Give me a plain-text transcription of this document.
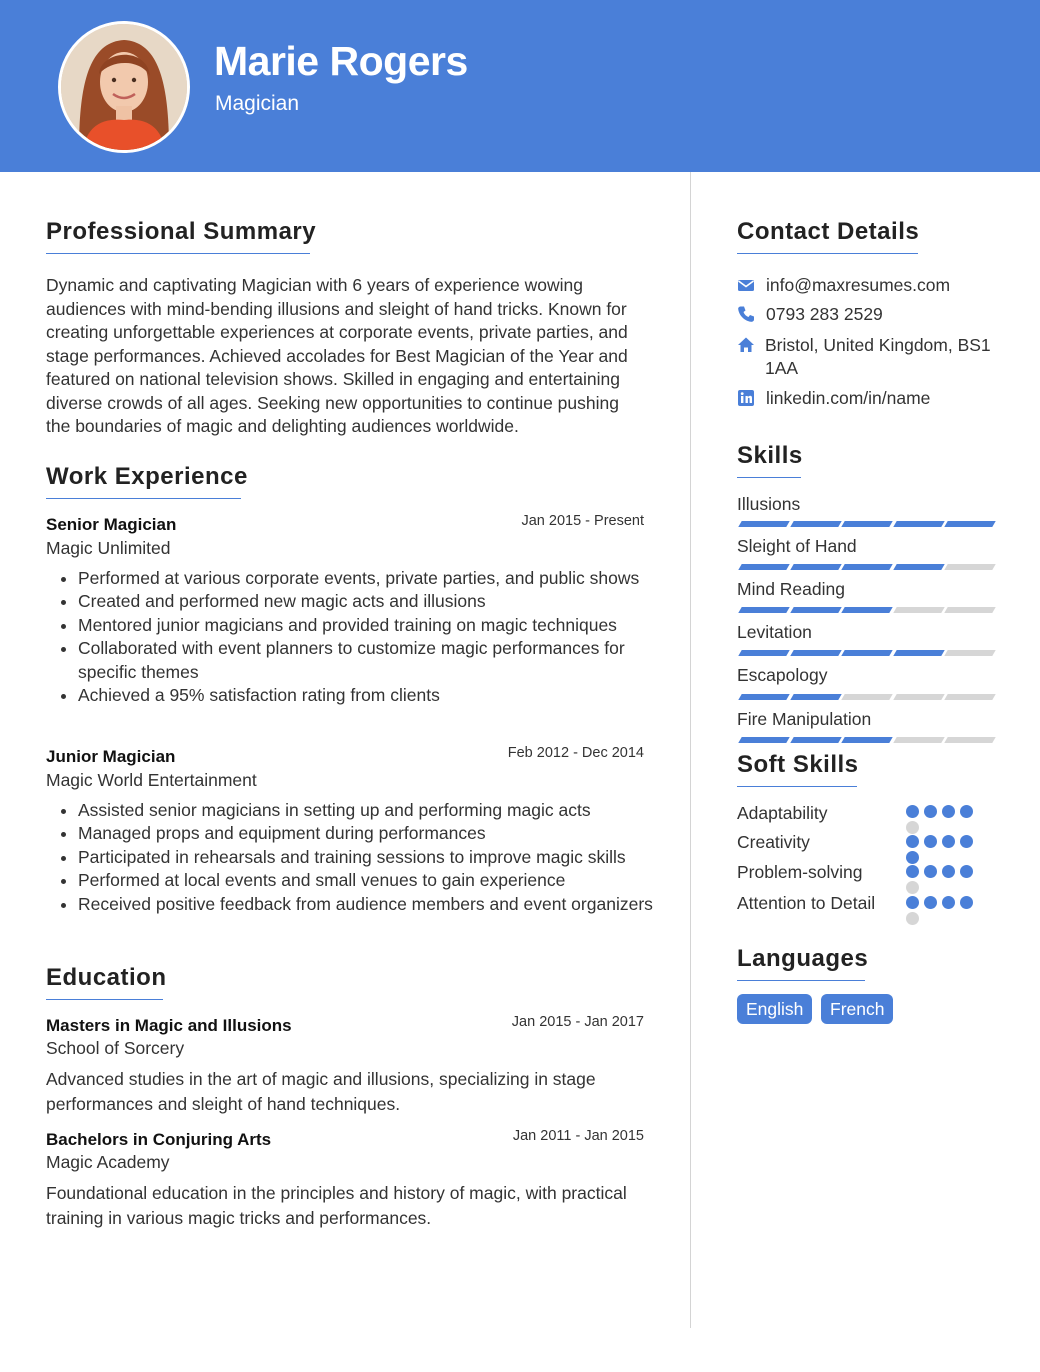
Marie Rogers
Magician
Professional Summary
Dynamic and captivating Magician with 6 years of experience wowing audiences with mind-bending illusions and sleight of hand tricks. Known for creating unforgettable experiences at corporate events, private parties, and stage performances. Achieved accolades for Best Magician of the Year and featured on national television shows. Skilled in engaging and entertaining diverse crowds of all ages. Seeking new opportunities to continue pushing the boundaries of magic and delighting audiences worldwide.
Work Experience
Senior Magician	Jan 2015 - Present
Magic Unlimited
• Performed at various corporate events, private parties, and public shows
• Created and performed new magic acts and illusions
• Mentored junior magicians and provided training on magic techniques
• Collaborated with event planners to customize magic performances for specific themes
• Achieved a 95% satisfaction rating from clients
Junior Magician	Feb 2012 - Dec 2014
Magic World Entertainment
• Assisted senior magicians in setting up and performing magic acts
• Managed props and equipment during performances
• Participated in rehearsals and training sessions to improve magic skills
• Performed at local events and small venues to gain experience
• Received positive feedback from audience members and event organizers
Education
Masters in Magic and Illusions	Jan 2015 - Jan 2017
School of Sorcery
Advanced studies in the art of magic and illusions, specializing in stage performances and sleight of hand techniques.
Bachelors in Conjuring Arts	Jan 2011 - Jan 2015
Magic Academy
Foundational education in the principles and history of magic, with practical training in various magic tricks and performances.
Contact Details
info@maxresumes.com
0793 283 2529
Bristol, United Kingdom, BS1 1AA
linkedin.com/in/name
Skills
Illusions
Sleight of Hand
Mind Reading
Levitation
Escapology
Fire Manipulation
Soft Skills
Adaptability
Creativity
Problem-solving
Attention to Detail
Languages
English	French
